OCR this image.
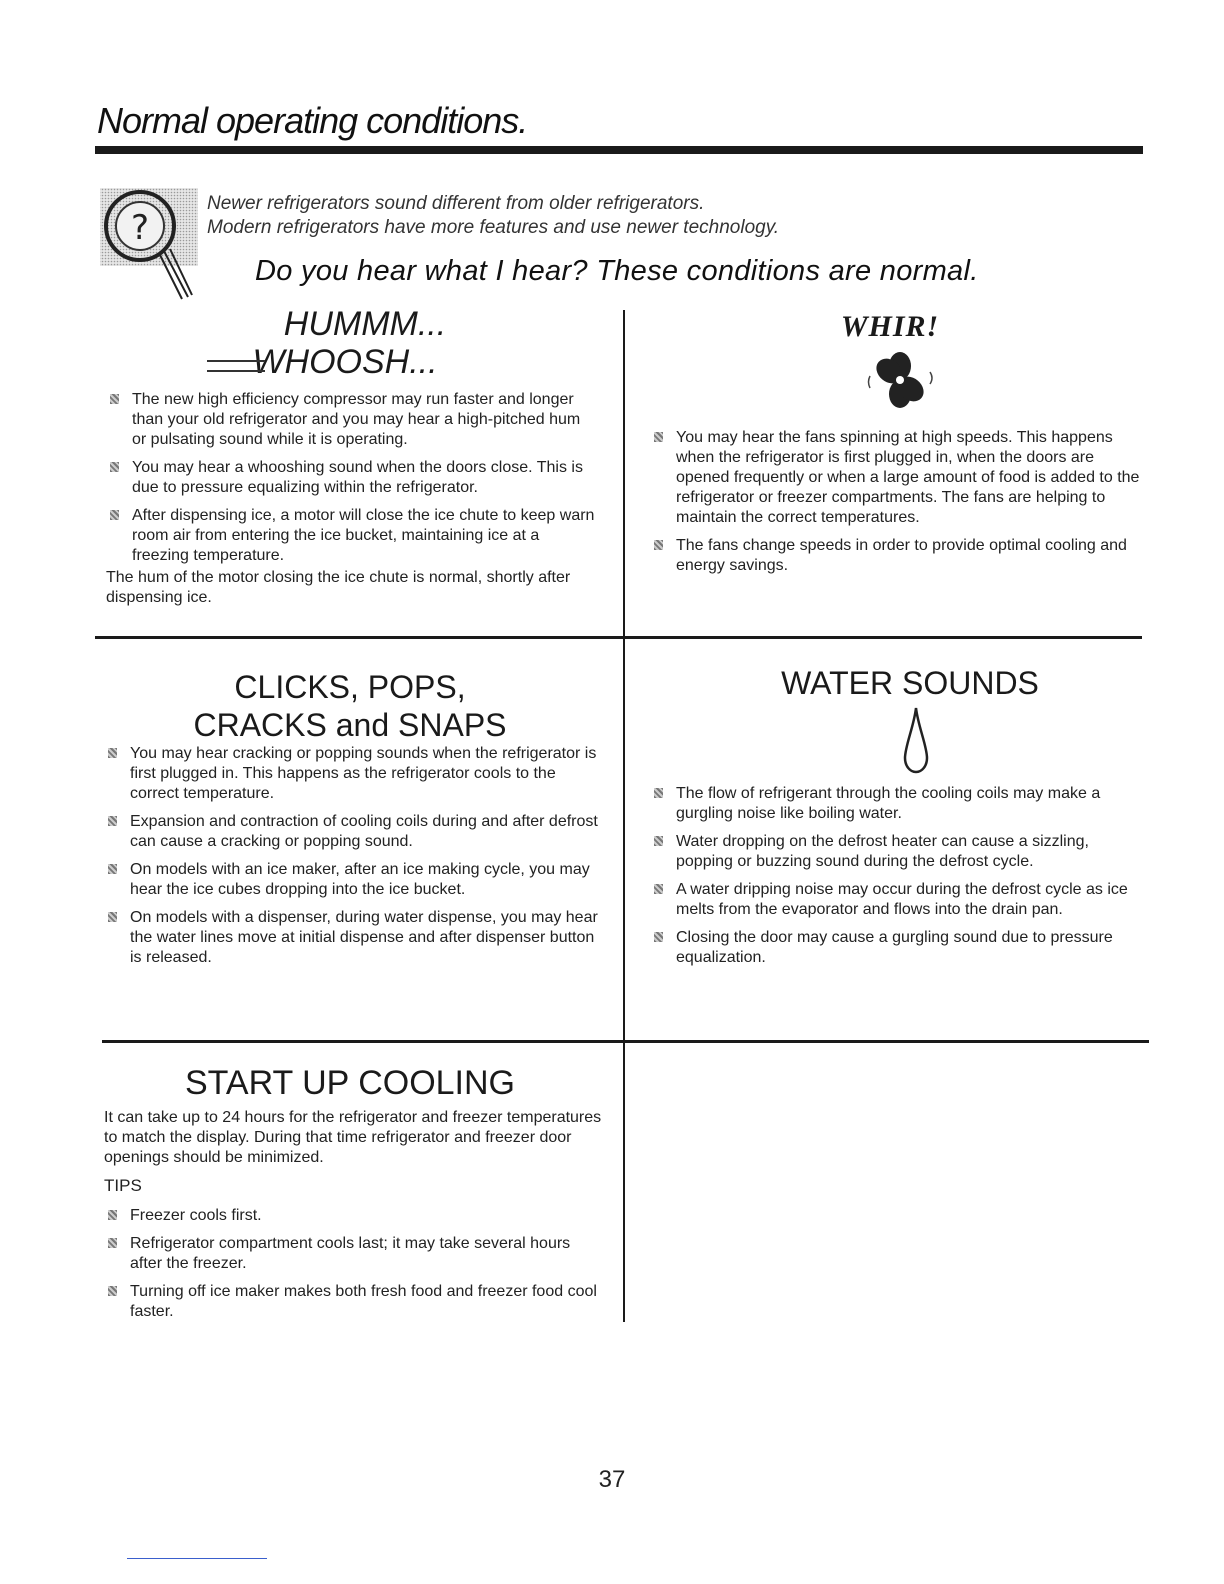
Normal operating conditions.
?
Newer refrigerators sound different from older refrigerators.
Modern refrigerators have more features and use newer technology.
Do you hear what I hear? These conditions are normal.
HUMMM...
WHOOSH...
The new high efficiency compressor may run faster and longer than your old refrigerator and you may hear a high-pitched hum or pulsating sound while it is operating.
You may hear a whooshing sound when the doors close. This is due to pressure equalizing within the refrigerator.
After dispensing ice, a motor will close the ice chute to keep warn room air from entering the ice bucket, maintaining ice at a freezing temperature.
The hum of the motor closing the ice chute is normal, shortly after dispensing ice.
WHIR!
You may hear the fans spinning at high speeds. This happens when the refrigerator is first plugged in, when the doors are opened frequently or when a large amount of food is added to the refrigerator or freezer compartments. The fans are helping to maintain the correct temperatures.
The fans change speeds in order to provide optimal cooling and energy savings.
CLICKS, POPS,
CRACKS and SNAPS
You may hear cracking or popping sounds when the refrigerator is first plugged in. This happens as the refrigerator cools to the correct temperature.
Expansion and contraction of cooling coils during and after defrost can cause a cracking or popping sound.
On models with an ice maker, after an ice making cycle, you may hear the ice cubes dropping into the ice bucket.
On models with a dispenser, during water dispense, you may hear the water lines move at initial dispense and after dispenser button is released.
WATER SOUNDS
The flow of refrigerant through the cooling coils may make a gurgling noise like boiling water.
Water dropping on the defrost heater can cause a sizzling, popping or buzzing sound during the defrost cycle.
A water dripping noise may occur during the defrost cycle as ice melts from the evaporator and flows into the drain pan.
Closing the door may cause a gurgling sound due to pressure equalization.
START UP COOLING
It can take up to 24 hours for the refrigerator and freezer temperatures to match the display. During that time refrigerator and freezer door openings should be minimized.
TIPS
Freezer cools first.
Refrigerator compartment cools last; it may take several hours after the freezer.
Turning off ice maker makes both fresh food and freezer food cool faster.
37
